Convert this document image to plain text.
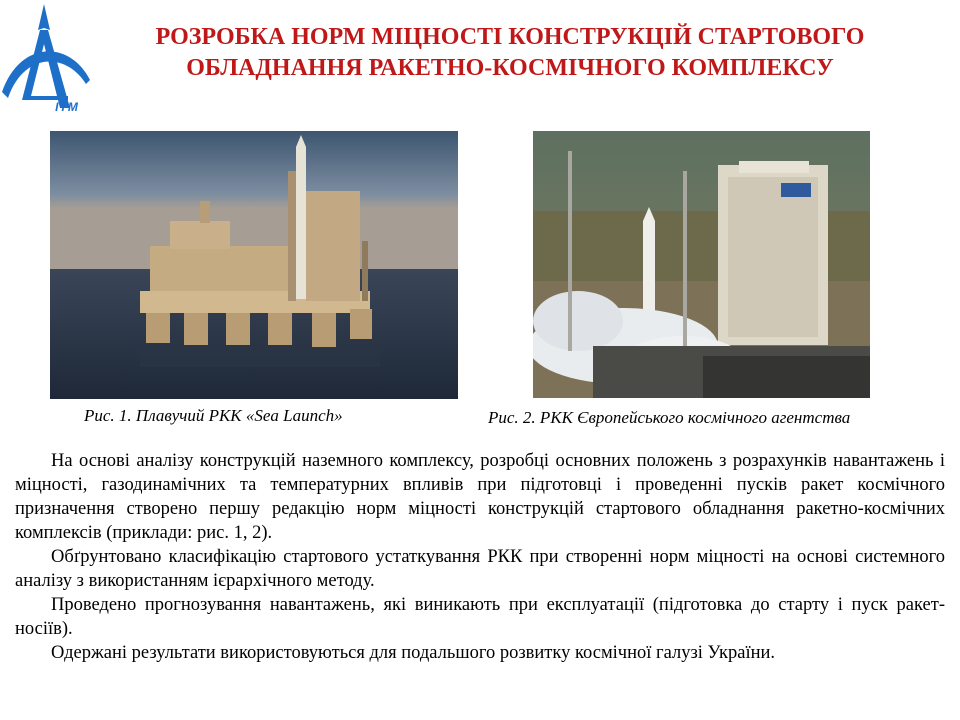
ITM
РОЗРОБКА НОРМ МІЦНОСТІ КОНСТРУКЦІЙ СТАРТОВОГО
ОБЛАДНАННЯ РАКЕТНО-КОСМІЧНОГО КОМПЛЕКСУ
Рис. 1. Плавучий РКК «Sea Launch»	Рис. 2. РКК Європейського космічного агентства

На основі аналізу конструкцій наземного комплексу, розробці основних положень з розрахунків навантажень і міцності, газодинамічних та температурних впливів при підготовці і проведенні пусків ракет космічного призначення створено першу редакцію норм міцності конструкцій стартового обладнання ракетно-космічних комплексів (приклади: рис. 1, 2).

Обґрунтовано класифікацію стартового устаткування РКК при створенні норм міцності на основі системного аналізу з використанням ієрархічного методу.

Проведено прогнозування навантажень, які виникають при експлуатації (підготовка до старту і пуск ракет-носіїв).

Одержані результати використовуються для подальшого розвитку космічної галузі України.
